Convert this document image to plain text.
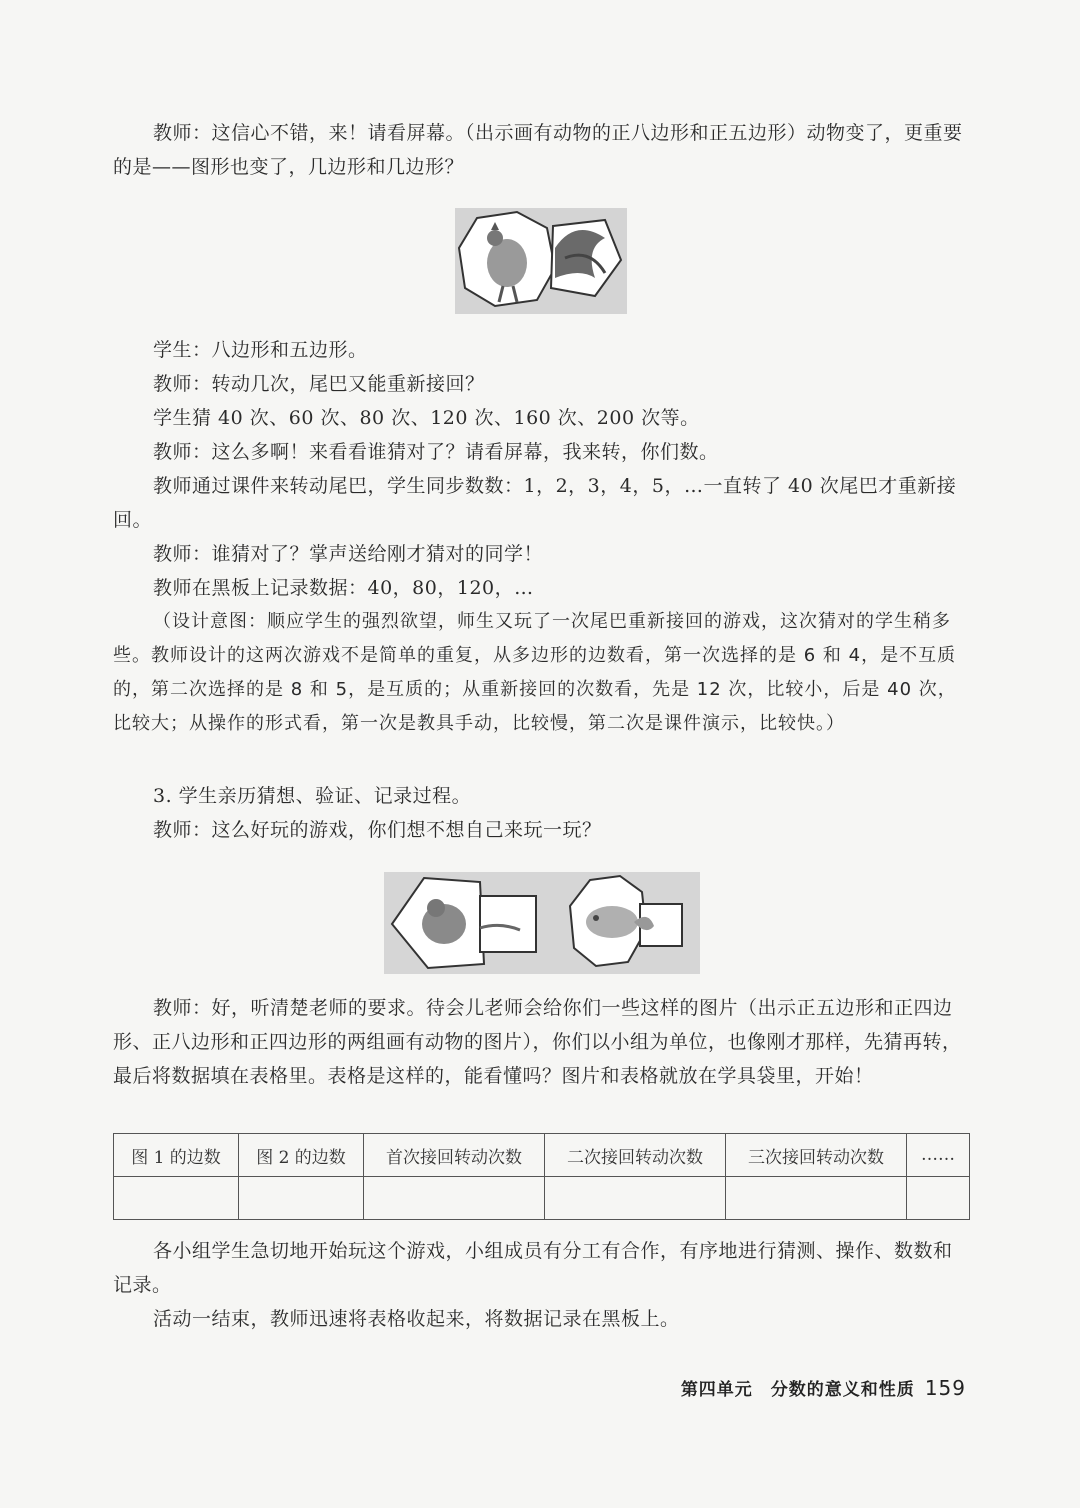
教师：这信心不错，来！请看屏幕。（出示画有动物的正八边形和正五边形）动物变了，更重要的是——图形也变了，几边形和几边形？

学生：八边形和五边形。

教师：转动几次，尾巴又能重新接回？

学生猜 40 次、60 次、80 次、120 次、160 次、200 次等。

教师：这么多啊！来看看谁猜对了？请看屏幕，我来转，你们数。

教师通过课件来转动尾巴，学生同步数数：1，2，3，4，5，…一直转了 40 次尾巴才重新接回。

教师：谁猜对了？掌声送给刚才猜对的同学！

教师在黑板上记录数据：40，80，120，…

（设计意图：顺应学生的强烈欲望，师生又玩了一次尾巴重新接回的游戏，这次猜对的学生稍多些。教师设计的这两次游戏不是简单的重复，从多边形的边数看，第一次选择的是 6 和 4，是不互质的，第二次选择的是 8 和 5，是互质的；从重新接回的次数看，先是 12 次，比较小，后是 40 次，比较大；从操作的形式看，第一次是教具手动，比较慢，第二次是课件演示，比较快。）

3. 学生亲历猜想、验证、记录过程。

教师：这么好玩的游戏，你们想不想自己来玩一玩？

教师：好，听清楚老师的要求。待会儿老师会给你们一些这样的图片（出示正五边形和正四边形、正八边形和正四边形的两组画有动物的图片），你们以小组为单位，也像刚才那样，先猜再转，最后将数据填在表格里。表格是这样的，能看懂吗？图片和表格就放在学具袋里，开始！

图 1 的边数	图 2 的边数	首次接回转动次数	二次接回转动次数	三次接回转动次数	……

各小组学生急切地开始玩这个游戏，小组成员有分工有合作，有序地进行猜测、操作、数数和记录。

活动一结束，教师迅速将表格收起来，将数据记录在黑板上。

第四单元　分数的意义和性质 159
